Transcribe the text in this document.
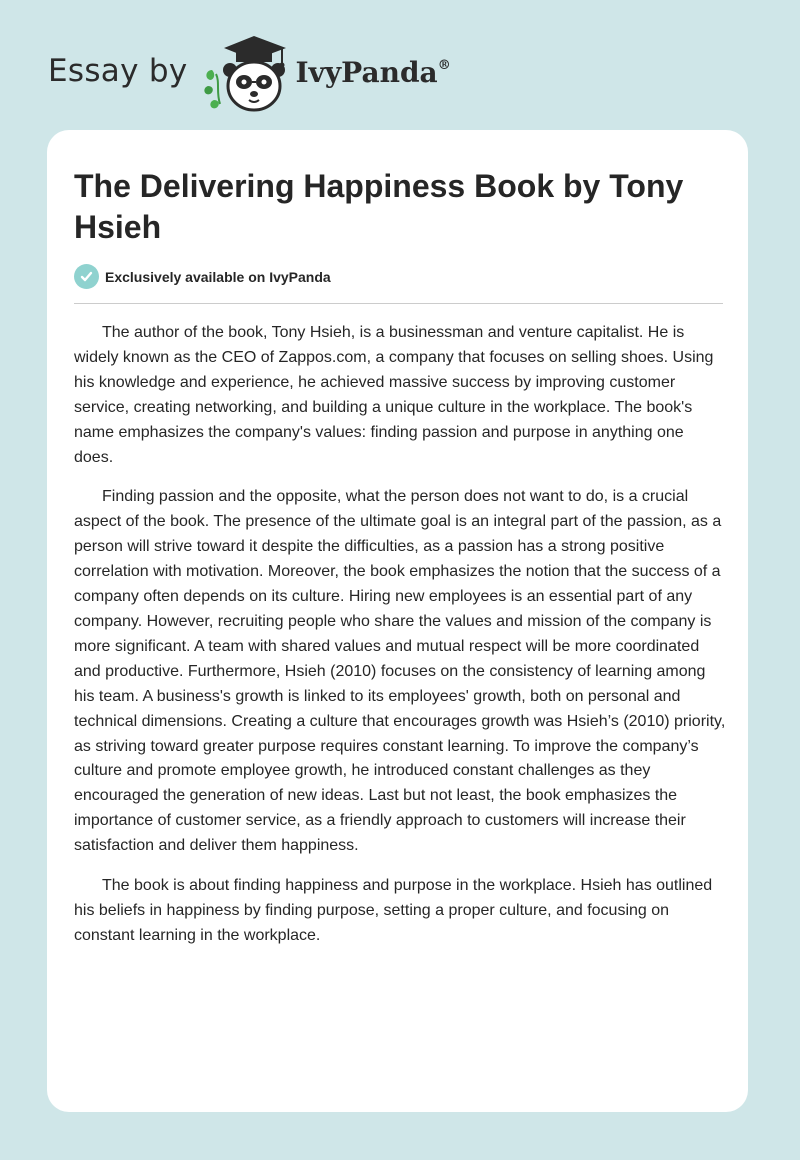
Essay by	IvyPanda®
The Delivering Happiness Book by Tony Hsieh
Exclusively available on IvyPanda

The author of the book, Tony Hsieh, is a businessman and venture capitalist. He is widely known as the CEO of Zappos.com, a company that focuses on selling shoes. Using his knowledge and experience, he achieved massive success by improving customer service, creating networking, and building a unique culture in the workplace. The book's name emphasizes the company's values: finding passion and purpose in anything one does.

Finding passion and the opposite, what the person does not want to do, is a crucial aspect of the book. The presence of the ultimate goal is an integral part of the passion, as a person will strive toward it despite the difficulties, as a passion has a strong positive correlation with motivation. Moreover, the book emphasizes the notion that the success of a company often depends on its culture. Hiring new employees is an essential part of any company. However, recruiting people who share the values and mission of the company is more significant. A team with shared values and mutual respect will be more coordinated and productive. Furthermore, Hsieh (2010) focuses on the consistency of learning among his team. A business's growth is linked to its employees' growth, both on personal and technical dimensions. Creating a culture that encourages growth was Hsieh’s (2010) priority, as striving toward greater purpose requires constant learning. To improve the company’s culture and promote employee growth, he introduced constant challenges as they encouraged the generation of new ideas. Last but not least, the book emphasizes the importance of customer service, as a friendly approach to customers will increase their satisfaction and deliver them happiness.

The book is about finding happiness and purpose in the workplace. Hsieh has outlined his beliefs in happiness by finding purpose, setting a proper culture, and focusing on constant learning in the workplace.
